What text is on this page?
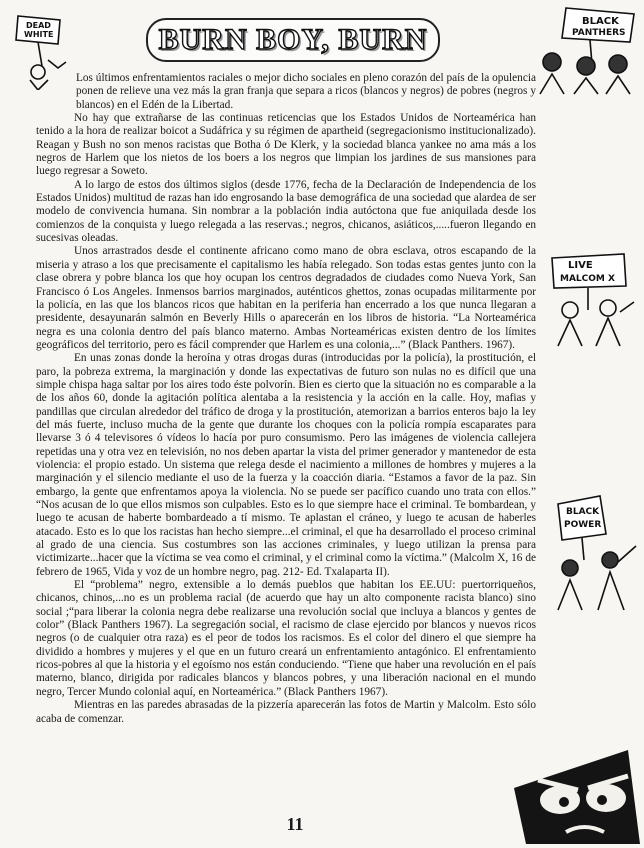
BURN BOY, BURN
DEAD
WHITE
BLACK
PANTHERS
LIVE
MALCOM X
BLACK
POWER

Los últimos enfrentamientos raciales o mejor dicho sociales en pleno corazón del país de la opulencia ponen de relieve una vez más la gran franja que separa a ricos (blancos y negros) de pobres (negros y blancos) en el Edén de la Libertad.

No hay que extrañarse de las continuas reticencias que los Estados Unidos de Norteamérica han tenido a la hora de realizar boicot a Sudáfrica y su régimen de apartheid (segregacionismo institucionalizado). Reagan y Bush no son menos racistas que Botha ó De Klerk, y la sociedad blanca yankee no ama más a los negros de Harlem que los nietos de los boers a los negros que limpian los jardines de sus mansiones para luego regresar a Soweto.

A lo largo de estos dos últimos siglos (desde 1776, fecha de la Declaración de Independencia de los Estados Unidos) multitud de razas han ido engrosando la base demográfica de una sociedad que alardea de ser modelo de convivencia humana. Sin nombrar a la población india autóctona que fue aniquilada desde los comienzos de la conquista y luego relegada a las reservas.; negros, chicanos, asiáticos,.....fueron llegando en sucesivas oleadas.

Unos arrastrados desde el continente africano como mano de obra esclava, otros escapando de la miseria y atraso a los que precisamente el capitalismo les había relegado. Son todas estas gentes junto con la clase obrera y pobre blanca los que hoy ocupan los centros degradados de ciudades como Nueva York, San Francisco ó Los Angeles. Inmensos barrios marginados, auténticos ghettos, zonas ocupadas militarmente por la policía, en las que los blancos ricos que habitan en la periferia han encerrado a los que nunca llegaran a presidente, desayunarán salmón en Beverly Hills o aparecerán en los libros de historia. “La Norteamérica negra es una colonia dentro del país blanco materno. Ambas Norteaméricas existen dentro de los límites geográficos del territorio, pero es fácil comprender que Harlem es una colonia,...” (Black Panthers. 1967).

En unas zonas donde la heroína y otras drogas duras (introducidas por la policía), la prostitución, el paro, la pobreza extrema, la marginación y donde las expectativas de futuro son nulas no es difícil que una simple chispa haga saltar por los aires todo éste polvorín. Bien es cierto que la situación no es comparable a la de los años 60, donde la agitación política alentaba a la resistencia y la acción en la calle. Hoy, mafias y pandillas que circulan alrededor del tráfico de droga y la prostitución, atemorizan a barrios enteros bajo la ley del más fuerte, incluso mucha de la gente que durante los choques con la policía rompía escaparates para llevarse 3 ó 4 televisores ó vídeos lo hacía por puro consumismo. Pero las imágenes de violencia callejera repetidas una y otra vez en televisión, no nos deben apartar la vista del primer generador y mantenedor de esta violencia: el propio estado. Un sistema que relega desde el nacimiento a millones de hombres y mujeres a la marginación y el silencio mediante el uso de la fuerza y la coacción diaria. “Estamos a favor de la paz. Sin embargo, la gente que enfrentamos apoya la violencia. No se puede ser pacífico cuando uno trata con ellos.” “Nos acusan de lo que ellos mismos son culpables. Esto es lo que siempre hace el criminal. Te bombardean, y luego te acusan de haberte bombardeado a tí mismo. Te aplastan el cráneo, y luego te acusan de haberles atacado. Esto es lo que los racistas han hecho siempre...el criminal, el que ha desarrollado el proceso criminal al grado de una ciencia. Sus costumbres son las acciones criminales, y luego utilizan la prensa para victimizarte...hacer que la víctima se vea como el criminal, y el criminal como la víctima.” (Malcolm X, 16 de febrero de 1965, Vida y voz de un hombre negro, pag. 212- Ed. Txalaparta II).

El “problema” negro, extensible a lo demás pueblos que habitan los EE.UU: puertorriqueños, chicanos, chinos,...no es un problema racial (de acuerdo que hay un alto componente racista blanco) sino social ;“para liberar la colonia negra debe realizarse una revolución social que incluya a blancos y gentes de color” (Black Panthers 1967). La segregación social, el racismo de clase ejercido por blancos y nuevos ricos negros (o de cualquier otra raza) es el peor de todos los racismos. Es el color del dinero el que siempre ha dividido a hombres y mujeres y el que en un futuro creará un enfrentamiento antagónico. El enfrentamiento ricos-pobres al que la historia y el egoísmo nos están conduciendo. “Tiene que haber una revolución en el país materno, blanco, dirigida por radicales blancos y blancos pobres, y una liberación nacional en el mundo negro, Tercer Mundo colonial aquí, en Norteamérica.” (Black Panthers 1967).

Mientras en las paredes abrasadas de la pizzería aparecerán las fotos de Martin y Malcolm. Esto sólo acaba de comenzar.

11
